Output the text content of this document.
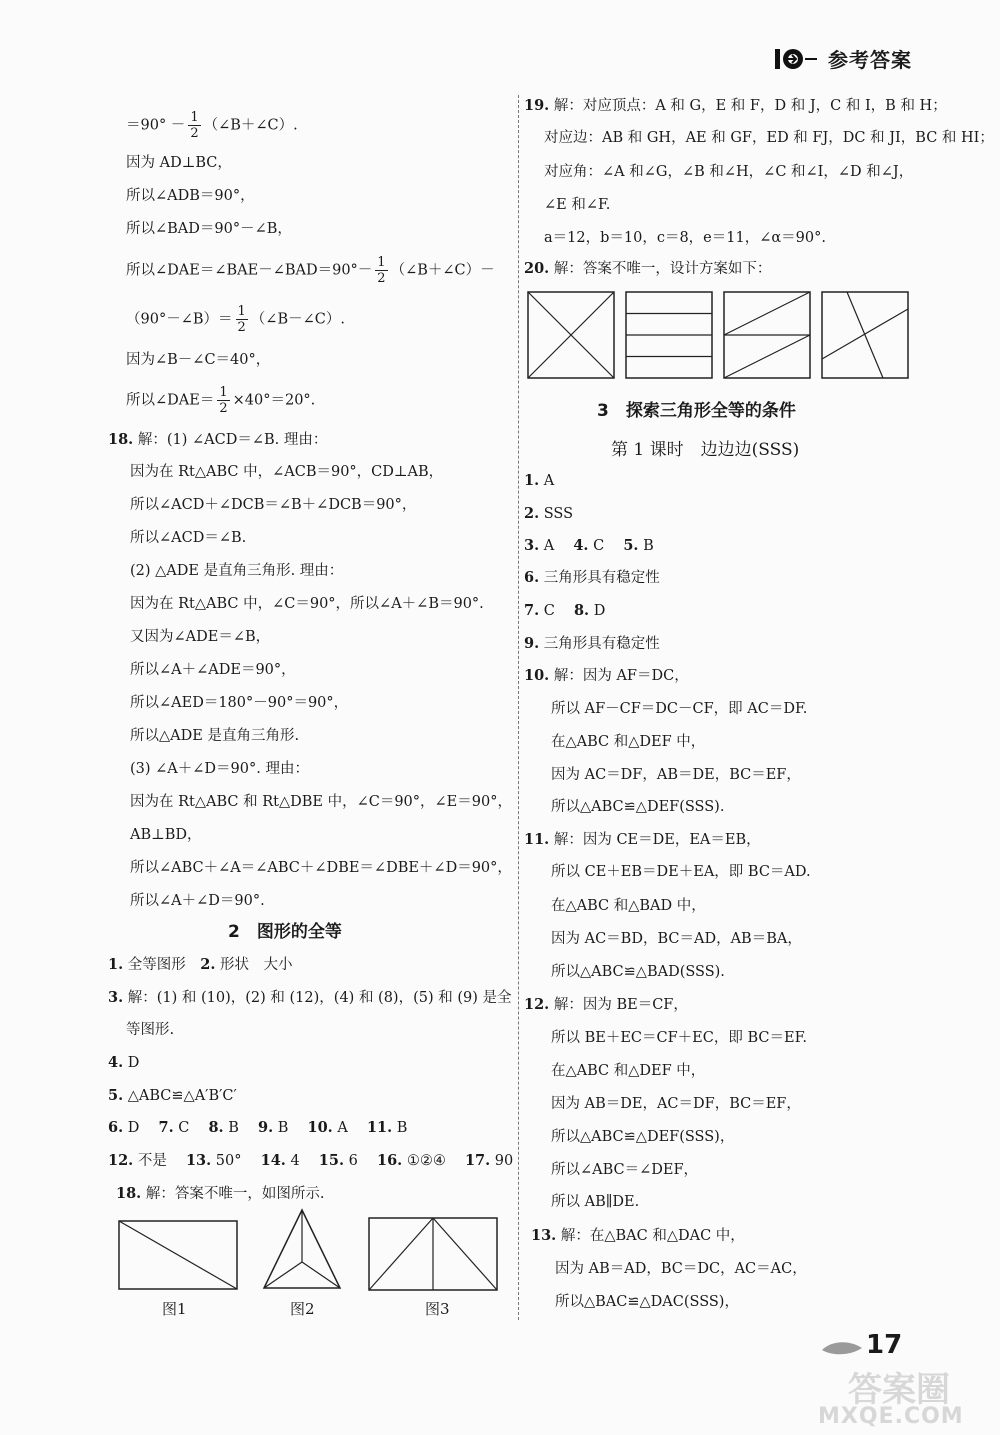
参考答案
$=90^\circ - \frac{1}{2}$ （∠B＋∠C）.
因为 AD⊥BC，
所以∠ADB＝90°，
所以∠BAD＝90°－∠B，
所以∠DAE＝∠BAE－∠BAD＝90°－ $\frac{1}{2}$ （∠B＋∠C）－
（90°－∠B）＝ $\frac{1}{2}$ （∠B－∠C）.
因为∠B－∠C＝40°，
所以∠DAE＝ $\frac{1}{2} \times 40^\circ=20^\circ$.
18. 解：(1) ∠ACD＝∠B. 理由：
因为在 Rt△ABC 中，∠ACB＝90°，CD⊥AB，
所以∠ACD＋∠DCB＝∠B＋∠DCB＝90°，
所以∠ACD＝∠B.
(2) △ADE 是直角三角形. 理由：
因为在 Rt△ABC 中，∠C＝90°，所以∠A＋∠B＝90°.
又因为∠ADE＝∠B，
所以∠A＋∠ADE＝90°，
所以∠AED＝180°－90°＝90°，
所以△ADE 是直角三角形.
(3) ∠A＋∠D＝90°. 理由：
因为在 Rt△ABC 和 Rt△DBE 中，∠C＝90°，∠E＝90°，
AB⊥BD，
所以∠ABC＋∠A＝∠ABC＋∠DBE＝∠DBE＋∠D＝90°，
所以∠A＋∠D＝90°.
2　图形的全等
1. 全等图形　 2. 形状　大小
3. 解：(1) 和 (10)，(2) 和 (12)，(4) 和 (8)，(5) 和 (9) 是全
等图形.
4. D
5. △ABC≌△A′B′C′
6. D　 7. C　 8. B　 9. B　 10. A　 11. B
12. 不是　 13. 50°　 14. 4　 15. 6　 16. ①②④　 17. 90
18. 解：答案不唯一，如图所示.
图1	图2	图3
19. 解：对应顶点：A 和 G，E 和 F，D 和 J，C 和 I，B 和 H；
对应边：AB 和 GH，AE 和 GF，ED 和 FJ，DC 和 JI，BC 和 HI；
对应角：∠A 和∠G，∠B 和∠H，∠C 和∠I，∠D 和∠J，
∠E 和∠F.
a＝12，b＝10，c＝8，e＝11，∠α＝90°.
20. 解：答案不唯一，设计方案如下：
3　探索三角形全等的条件
第 1 课时　边边边(SSS)
1. A
2. SSS
3. A　 4. C　 5. B
6. 三角形具有稳定性
7. C　 8. D
9. 三角形具有稳定性
10. 解：因为 AF＝DC，
所以 AF－CF＝DC－CF，即 AC＝DF.
在△ABC 和△DEF 中，
因为 AC＝DF，AB＝DE，BC＝EF，
所以△ABC≌△DEF(SSS).
11. 解：因为 CE＝DE，EA＝EB，
所以 CE＋EB＝DE＋EA，即 BC＝AD.
在△ABC 和△BAD 中，
因为 AC＝BD，BC＝AD，AB＝BA，
所以△ABC≌△BAD(SSS).
12. 解：因为 BE＝CF，
所以 BE＋EC＝CF＋EC，即 BC＝EF.
在△ABC 和△DEF 中，
因为 AB＝DE，AC＝DF，BC＝EF，
所以△ABC≌△DEF(SSS)，
所以∠ABC＝∠DEF，
所以 AB∥DE.
13. 解：在△BAC 和△DAC 中，
因为 AB＝AD，BC＝DC，AC＝AC，
所以△BAC≌△DAC(SSS)，
17
答案圈
MXQE.COM
